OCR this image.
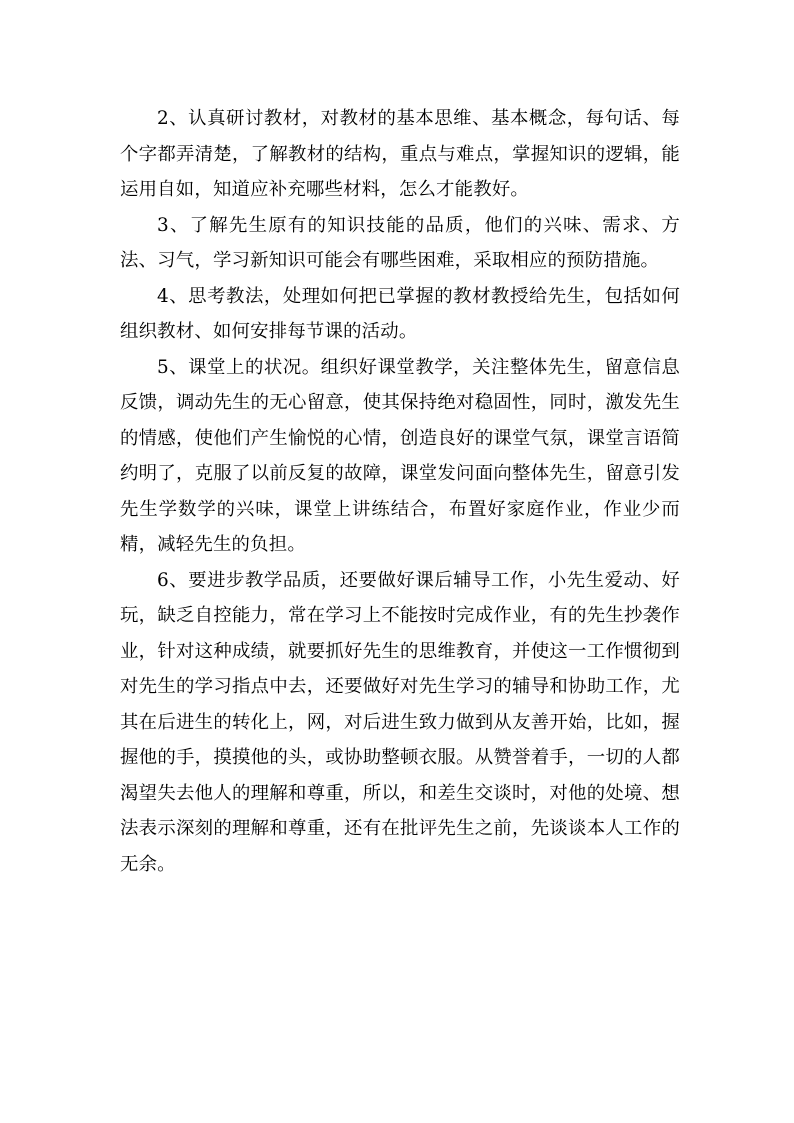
2、认真研讨教材，对教材的基本思维、基本概念，每句话、每个字都弄清楚，了解教材的结构，重点与难点，掌握知识的逻辑，能运用自如，知道应补充哪些材料，怎么才能教好。

3、了解先生原有的知识技能的品质，他们的兴味、需求、方法、习气，学习新知识可能会有哪些困难，采取相应的预防措施。

4、思考教法，处理如何把已掌握的教材教授给先生，包括如何组织教材、如何安排每节课的活动。

5、课堂上的状况。组织好课堂教学，关注整体先生，留意信息反馈，调动先生的无心留意，使其保持绝对稳固性，同时，激发先生的情感，使他们产生愉悦的心情，创造良好的课堂气氛，课堂言语简约明了，克服了以前反复的故障，课堂发问面向整体先生，留意引发先生学数学的兴味，课堂上讲练结合，布置好家庭作业，作业少而精，减轻先生的负担。

6、要进步教学品质，还要做好课后辅导工作，小先生爱动、好玩，缺乏自控能力，常在学习上不能按时完成作业，有的先生抄袭作业，针对这种成绩，就要抓好先生的思维教育，并使这一工作惯彻到对先生的学习指点中去，还要做好对先生学习的辅导和协助工作，尤其在后进生的转化上，网，对后进生致力做到从友善开始，比如，握握他的手，摸摸他的头，或协助整顿衣服。从赞誉着手，一切的人都渴望失去他人的理解和尊重，所以，和差生交谈时，对他的处境、想法表示深刻的理解和尊重，还有在批评先生之前，先谈谈本人工作的无余。
